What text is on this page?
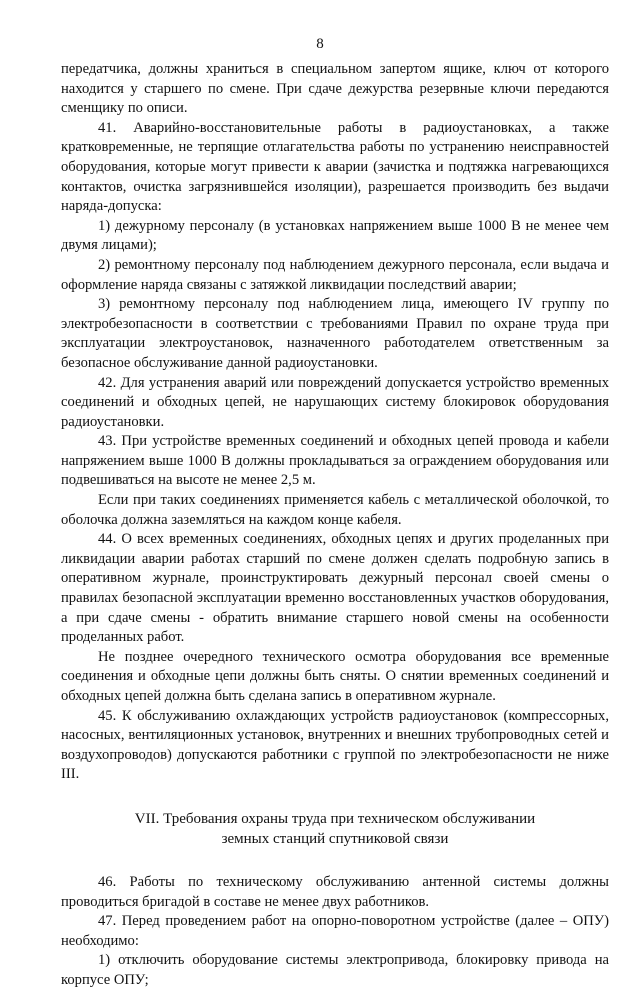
8

передатчика, должны храниться в специальном запертом ящике, ключ от которого находится у старшего по смене. При сдаче дежурства резервные ключи передаются сменщику по описи.

41. Аварийно-восстановительные работы в радиоустановках, а также кратковременные, не терпящие отлагательства работы по устранению неисправностей оборудования, которые могут привести к аварии (зачистка и подтяжка нагревающихся контактов, очистка загрязнившейся изоляции), разрешается производить без выдачи наряда-допуска:

1) дежурному персоналу (в установках напряжением выше 1000 В не менее чем двумя лицами);

2) ремонтному персоналу под наблюдением дежурного персонала, если выдача и оформление наряда связаны с затяжкой ликвидации последствий аварии;

3) ремонтному персоналу под наблюдением лица, имеющего IV группу по электробезопасности в соответствии с требованиями Правил по охране труда при эксплуатации электроустановок, назначенного работодателем ответственным за безопасное обслуживание данной радиоустановки.

42. Для устранения аварий или повреждений допускается устройство временных соединений и обходных цепей, не нарушающих систему блокировок оборудования радиоустановки.

43. При устройстве временных соединений и обходных цепей провода и кабели напряжением выше 1000 В должны прокладываться за ограждением оборудования или подвешиваться на высоте не менее 2,5 м.

Если при таких соединениях применяется кабель с металлической оболочкой, то оболочка должна заземляться на каждом конце кабеля.

44. О всех временных соединениях, обходных цепях и других проделанных при ликвидации аварии работах старший по смене должен сделать подробную запись в оперативном журнале, проинструктировать дежурный персонал своей смены о правилах безопасной эксплуатации временно восстановленных участков оборудования, а при сдаче смены - обратить внимание старшего новой смены на особенности проделанных работ.

Не позднее очередного технического осмотра оборудования все временные соединения и обходные цепи должны быть сняты. О снятии временных соединений и обходных цепей должна быть сделана запись в оперативном журнале.

45. К обслуживанию охлаждающих устройств радиоустановок (компрессорных, насосных, вентиляционных установок, внутренних и внешних трубопроводных сетей и воздухопроводов) допускаются работники с группой по электробезопасности не ниже III.

VII. Требования охраны труда при техническом обслуживании
земных станций спутниковой связи

46. Работы по техническому обслуживанию антенной системы должны проводиться бригадой в составе не менее двух работников.

47. Перед проведением работ на опорно-поворотном устройстве (далее – ОПУ) необходимо:

1) отключить оборудование системы электропривода, блокировку привода на корпусе ОПУ;
